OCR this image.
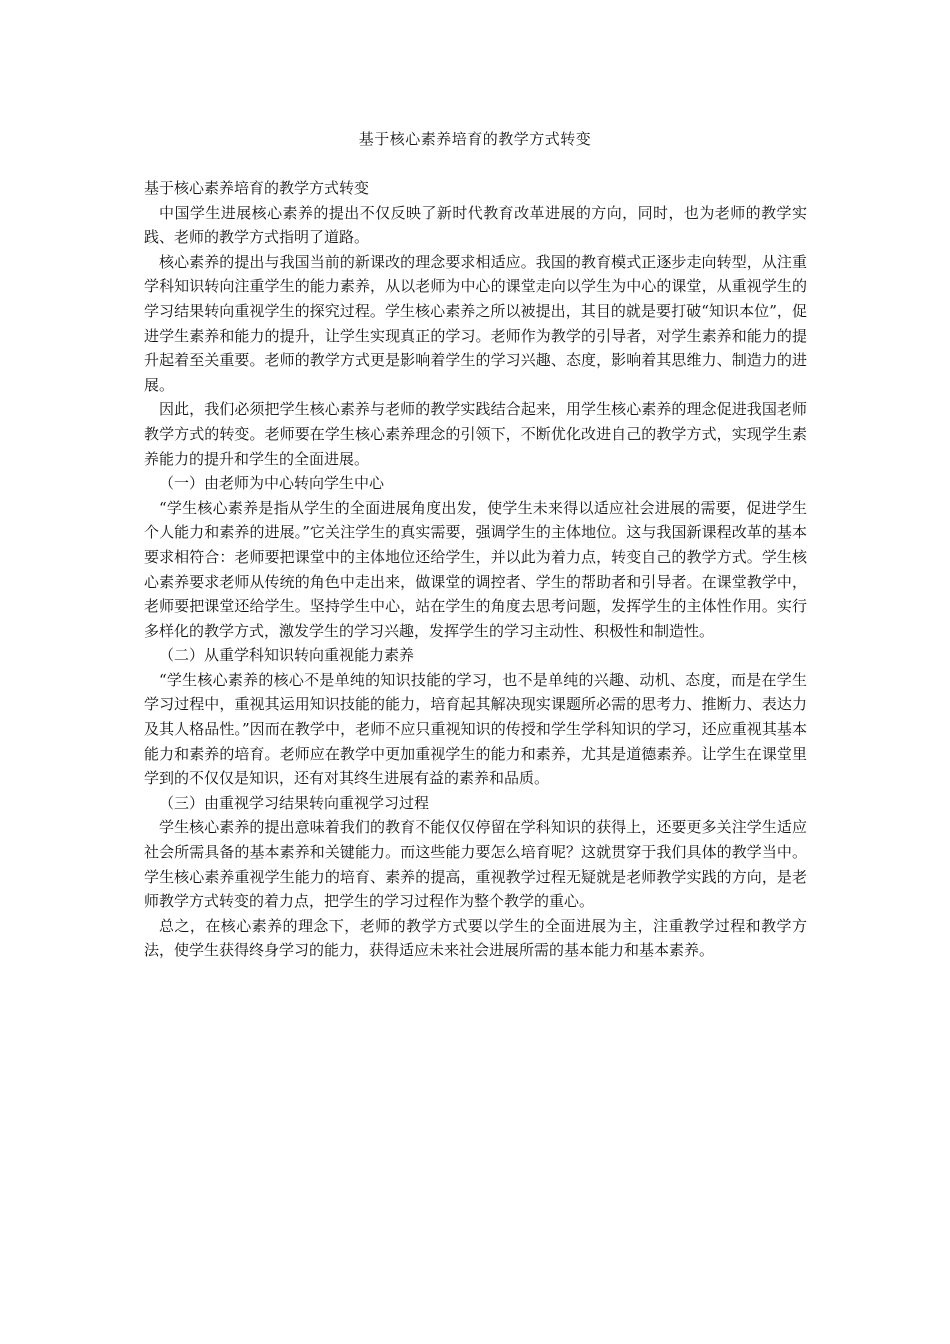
基于核心素养培育的教学方式转变

基于核心素养培育的教学方式转变

中国学生进展核心素养的提出不仅反映了新时代教育改革进展的方向，同时，也为老师的教学实践、老师的教学方式指明了道路。

核心素养的提出与我国当前的新课改的理念要求相适应。我国的教育模式正逐步走向转型，从注重学科知识转向注重学生的能力素养，从以老师为中心的课堂走向以学生为中心的课堂，从重视学生的学习结果转向重视学生的探究过程。学生核心素养之所以被提出，其目的就是要打破“知识本位”，促进学生素养和能力的提升，让学生实现真正的学习。老师作为教学的引导者，对学生素养和能力的提升起着至关重要。老师的教学方式更是影响着学生的学习兴趣、态度，影响着其思维力、制造力的进展。

因此，我们必须把学生核心素养与老师的教学实践结合起来，用学生核心素养的理念促进我国老师教学方式的转变。老师要在学生核心素养理念的引领下，不断优化改进自己的教学方式，实现学生素养能力的提升和学生的全面进展。

（一）由老师为中心转向学生中心

“学生核心素养是指从学生的全面进展角度出发，使学生未来得以适应社会进展的需要，促进学生个人能力和素养的进展。”它关注学生的真实需要，强调学生的主体地位。这与我国新课程改革的基本要求相符合：老师要把课堂中的主体地位还给学生，并以此为着力点，转变自己的教学方式。学生核心素养要求老师从传统的角色中走出来，做课堂的调控者、学生的帮助者和引导者。在课堂教学中，老师要把课堂还给学生。坚持学生中心，站在学生的角度去思考问题，发挥学生的主体性作用。实行多样化的教学方式，激发学生的学习兴趣，发挥学生的学习主动性、积极性和制造性。

（二）从重学科知识转向重视能力素养

“学生核心素养的核心不是单纯的知识技能的学习，也不是单纯的兴趣、动机、态度，而是在学生学习过程中，重视其运用知识技能的能力，培育起其解决现实课题所必需的思考力、推断力、表达力及其人格品性。”因而在教学中，老师不应只重视知识的传授和学生学科知识的学习，还应重视其基本能力和素养的培育。老师应在教学中更加重视学生的能力和素养，尤其是道德素养。让学生在课堂里学到的不仅仅是知识，还有对其终生进展有益的素养和品质。

（三）由重视学习结果转向重视学习过程

学生核心素养的提出意味着我们的教育不能仅仅停留在学科知识的获得上，还要更多关注学生适应社会所需具备的基本素养和关键能力。而这些能力要怎么培育呢？这就贯穿于我们具体的教学当中。学生核心素养重视学生能力的培育、素养的提高，重视教学过程无疑就是老师教学实践的方向，是老师教学方式转变的着力点，把学生的学习过程作为整个教学的重心。

总之，在核心素养的理念下，老师的教学方式要以学生的全面进展为主，注重教学过程和教学方法，使学生获得终身学习的能力，获得适应未来社会进展所需的基本能力和基本素养。
